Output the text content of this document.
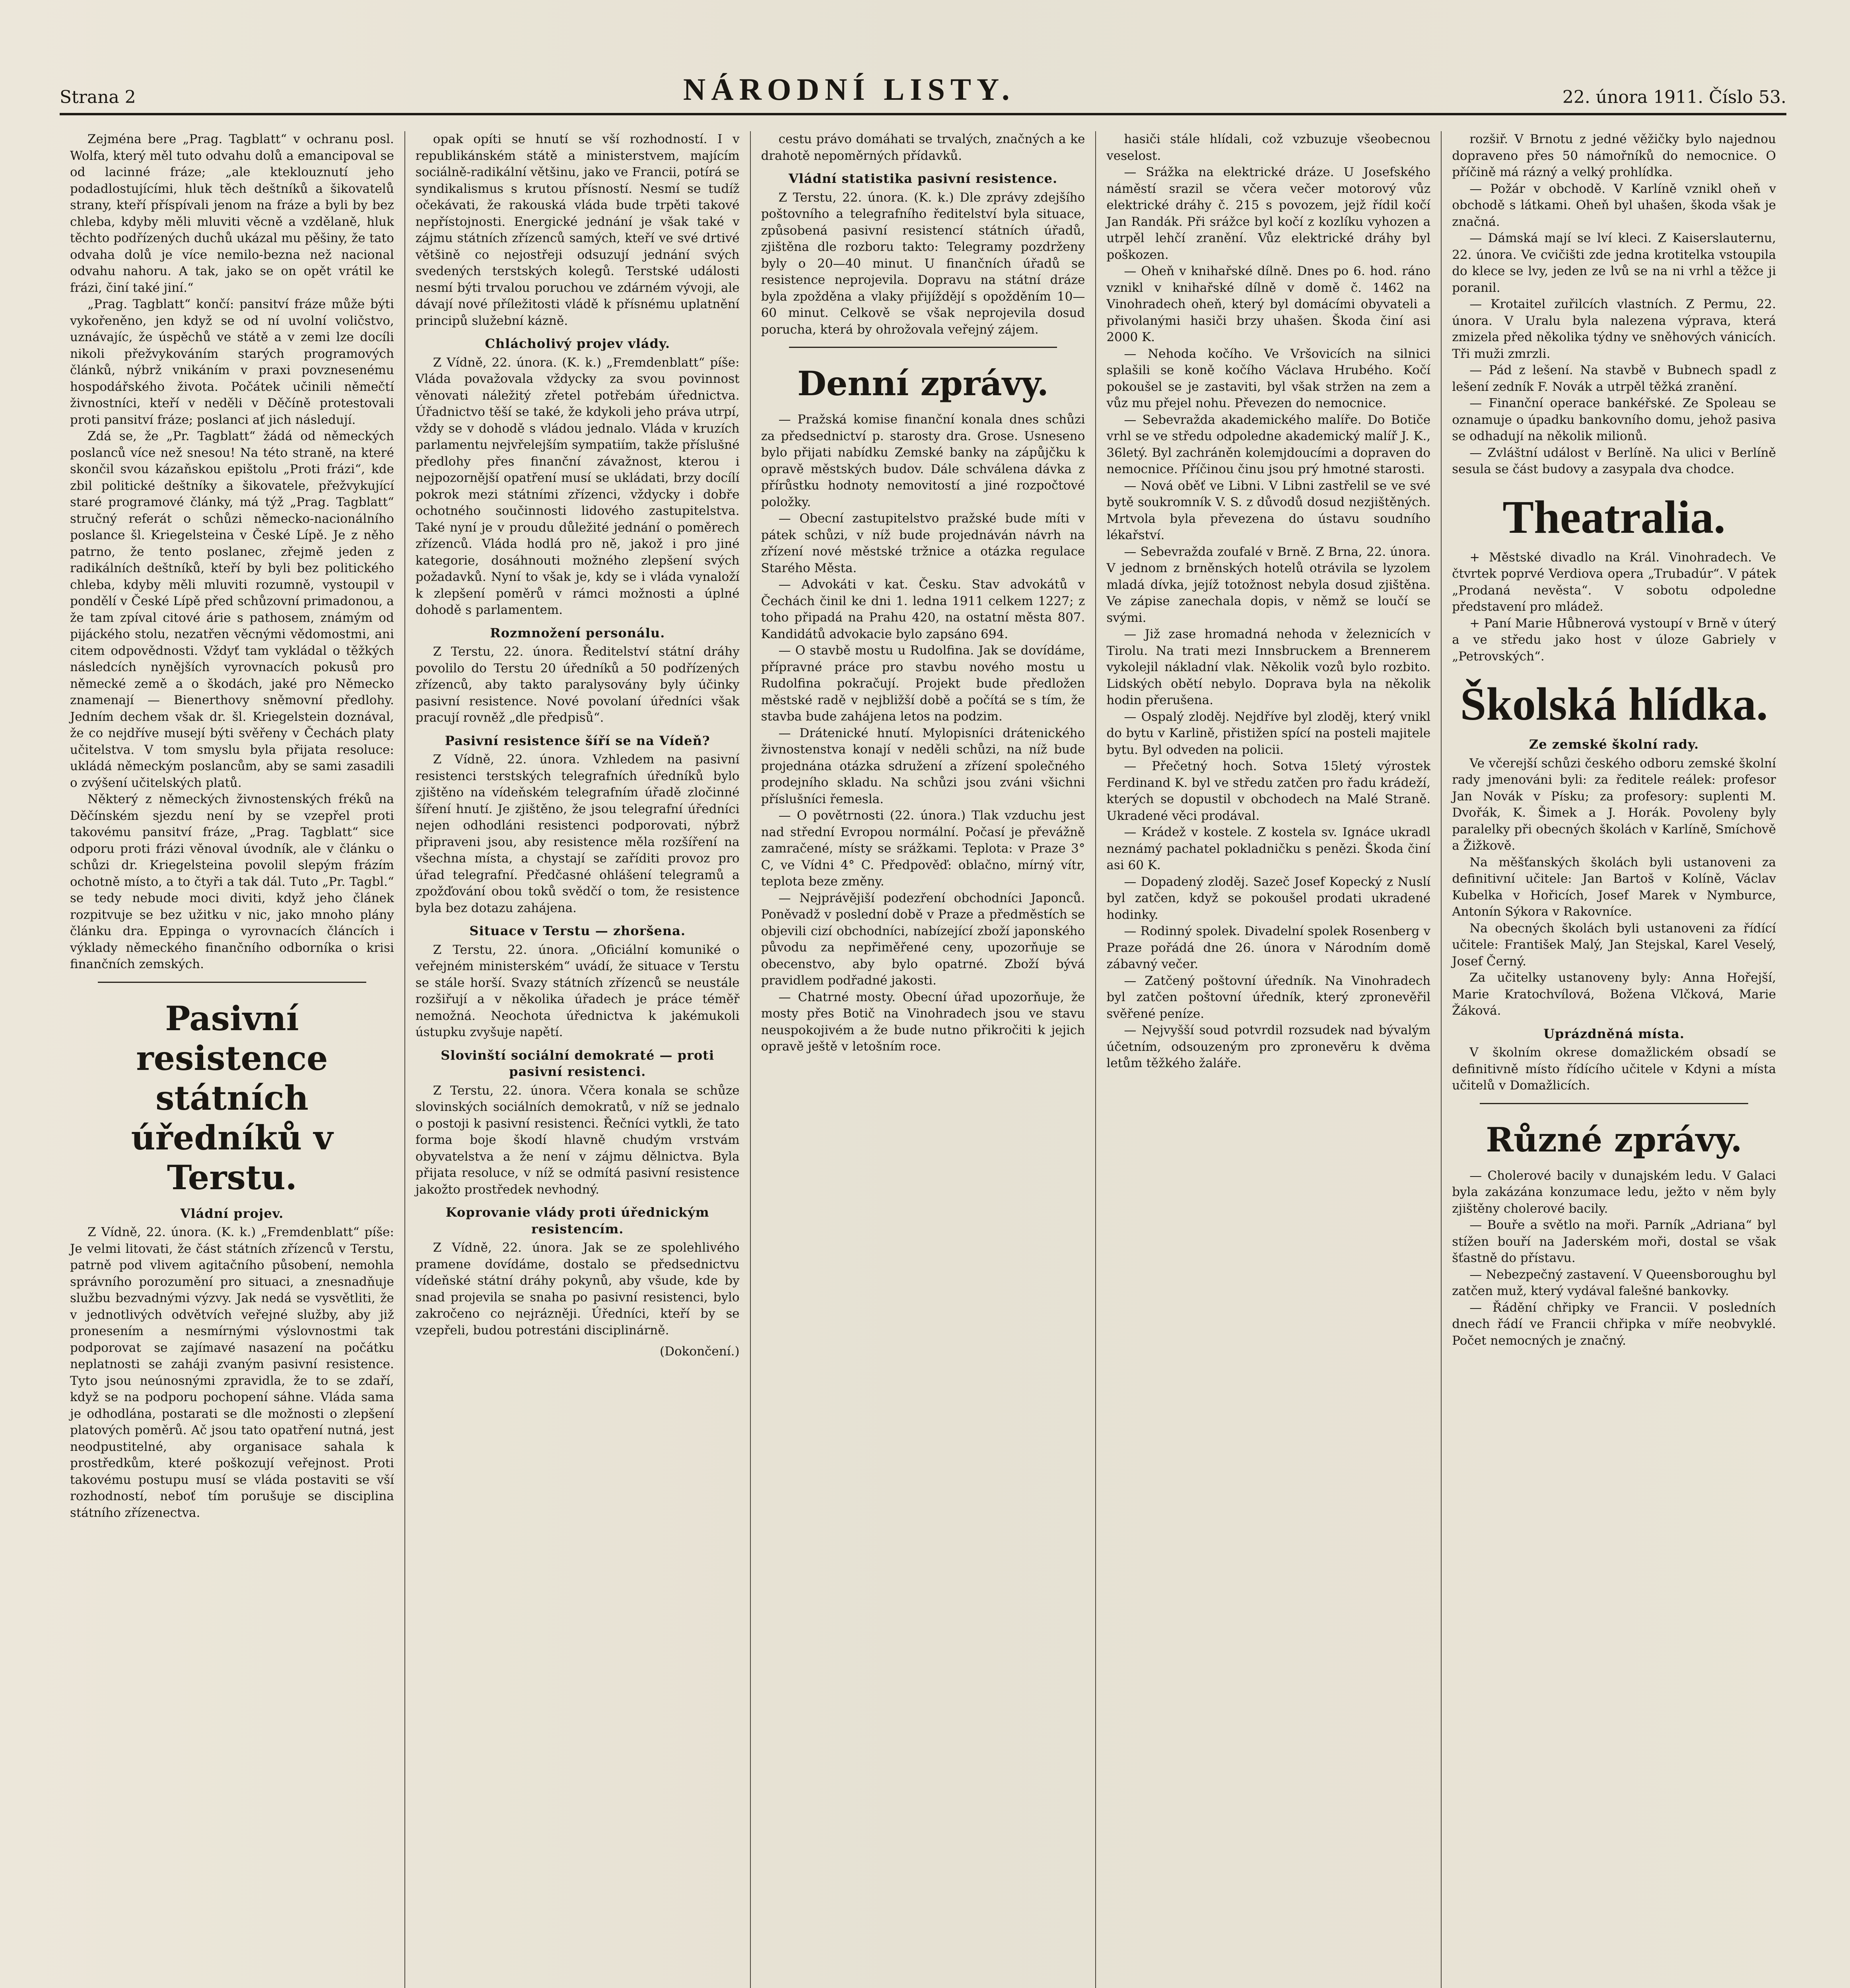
Strana 2	NÁRODNÍ LISTY.	22. února 1911. Číslo 53.

Zejména bere „Prag. Tagblatt“ v ochranu posl. Wolfa, který měl tuto odvahu dolů a emancipoval se od lacinné fráze; „ale kteklouznutí jeho podadlostujícími, hluk těch deštníků a šikovatelů strany, kteří příspívali jenom na fráze a byli by bez chleba, kdyby měli mluviti věcně a vzdělaně, hluk těchto podřízených duchů ukázal mu pěšiny, že tato odvaha dolů je více nemilo-bezna než nacional odvahu nahoru. A tak, jako se on opět vrátil ke frázi, činí také jiní.“

„Prag. Tagblatt“ končí: pansitví fráze může býti vykořeněno, jen když se od ní uvolní voličstvo, uznávajíc, že úspěchů ve státě a v zemi lze docíli nikoli přežvykováním starých programových článků, nýbrž vnikáním v praxi povznesenému hospodářského života. Počátek učinili němečtí živnostníci, kteří v neděli v Děčíně protestovali proti pansitví fráze; poslanci ať jich následují.

Zdá se, že „Pr. Tagblatt“ žádá od německých poslanců více než snesou! Na této straně, na které skončil svou kázaňskou epištolu „Proti frázi“, kde zbil politické deštníky a šikovatele, přežvykující staré programové články, má týž „Prag. Tagblatt“ stručný referát o schůzi německo-nacionálního poslance šl. Kriegelsteina v České Lípě. Je z něho patrno, že tento poslanec, zřejmě jeden z radikálních deštníků, kteří by byli bez politického chleba, kdyby měli mluviti rozumně, vystoupil v pondělí v České Lípě před schůzovní primadonou, a že tam zpíval citové árie s pathosem, známým od pijáckého stolu, nezatřen věcnými vědomostmi, ani citem odpovědnosti. Vždyť tam vykládal o těžkých následcích nynějších vyrovnacích pokusů pro německé země a o škodách, jaké pro Německo znamenají — Bienerthovy sněmovní předlohy. Jedním dechem však dr. šl. Kriegelstein doznával, že co nejdříve musejí býti svěřeny v Čechách platy učitelstva. V tom smyslu byla přijata resoluce: ukládá německým poslancům, aby se sami zasadili o zvýšení učitelských platů.

Některý z německých živnostenských fréků na Děčínském sjezdu není by se vzepřel proti takovému pansitví fráze, „Prag. Tagblatt“ sice odporu proti frázi věnoval úvodník, ale v článku o schůzi dr. Kriegelsteina povolil slepým frázím ochotně místo, a to čtyři a tak dál. Tuto „Pr. Tagbl.“ se tedy nebude moci diviti, když jeho článek rozpitvuje se bez užitku v nic, jako mnoho plány článku dra. Eppinga o vyrovnacích článcích i výklady německého finančního odborníka o krisi finančních zemských.

Pasivní resistence státních úředníků v Terstu.
Vládní projev.

Z Vídně, 22. února. (K. k.) „Fremdenblatt“ píše: Je velmi litovati, že část státních zřízenců v Terstu, patrně pod vlivem agitačního působení, nemohla správního porozumění pro situaci, a znesnadňuje službu bezvadnými výzvy. Jak nedá se vysvětliti, že v jednotlivých odvětvích veřejné služby, aby již pronesením a nesmírnými výslovnostmi tak podporovat se zajímavé nasazení na počátku neplatnosti se zaháji zvaným pasivní resistence. Tyto jsou neúnosnými zpravidla, že to se zdaří, když se na podporu pochopení sáhne. Vláda sama je odhodlána, postarati se dle možnosti o zlepšení platových poměrů. Ač jsou tato opatření nutná, jest neodpustitelné, aby organisace sahala k prostředkům, které poškozují veřejnost. Proti takovému postupu musí se vláda postaviti se vší rozhodností, neboť tím porušuje se disciplina státního zřízenectva.

opak opíti se hnutí se vší rozhodností. I v republikánském státě a ministerstvem, majícím sociálně-radikální většinu, jako ve Francii, potírá se syndikalismus s krutou přísností. Nesmí se tudíž očekávati, že rakouská vláda bude trpěti takové nepřístojnosti. Energické jednání je však také v zájmu státních zřízenců samých, kteří ve své drtivé většině co nejostřeji odsuzují jednání svých svedených terstských kolegů. Terstské události nesmí býti trvalou poruchou ve zdárném vývoji, ale dávají nové příležitosti vládě k přísnému uplatnění principů služební kázně.

Chlácholivý projev vlády.

Z Vídně, 22. února. (K. k.) „Fremdenblatt“ píše: Vláda považovala vždycky za svou povinnost věnovati náležitý zřetel potřebám úřednictva. Úřadnictvo těší se také, že kdykoli jeho práva utrpí, vždy se v dohodě s vládou jednalo. Vláda v kruzích parlamentu nejvřelejším sympatiím, takže příslušné předlohy přes finanční závažnost, kterou i nejpozornější opatření musí se ukládati, brzy docílí pokrok mezi státními zřízenci, vždycky i dobře ochotného součinnosti lidového zastupitelstva. Také nyní je v proudu důležité jednání o poměrech zřízenců. Vláda hodlá pro ně, jakož i pro jiné kategorie, dosáhnouti možného zlepšení svých požadavků. Nyní to však je, kdy se i vláda vynaloží k zlepšení poměrů v rámci možnosti a úplné dohodě s parlamentem.

Rozmnožení personálu.

Z Terstu, 22. února. Ředitelství státní dráhy povolilo do Terstu 20 úředníků a 50 podřízených zřízenců, aby takto paralysovány byly účinky pasivní resistence. Nové povolaní úředníci však pracují rovněž „dle předpisů“.

Pasivní resistence šíří se na Vídeň?

Z Vídně, 22. února. Vzhledem na pasivní resistenci terstských telegrafních úředníků bylo zjištěno na vídeňském telegrafním úřadě zločinné šíření hnutí. Je zjištěno, že jsou telegrafní úředníci nejen odhodláni resistenci podporovati, nýbrž připraveni jsou, aby resistence měla rozšíření na všechna místa, a chystají se zaříditi provoz pro úřad telegrafní. Předčasné ohlášení telegramů a zpožďování obou toků svědčí o tom, že resistence byla bez dotazu zahájena.

Situace v Terstu — zhoršena.

Z Terstu, 22. února. „Oficiální komuniké o veřejném ministerském“ uvádí, že situace v Terstu se stále horší. Svazy státních zřízenců se neustále rozšiřují a v několika úřadech je práce téměř nemožná. Neochota úřednictva k jakémukoli ústupku zvyšuje napětí.

Slovinští sociální demokraté — proti pasivní resistenci.

Z Terstu, 22. února. Včera konala se schůze slovinských sociálních demokratů, v níž se jednalo o postoji k pasivní resistenci. Řečníci vytkli, že tato forma boje škodí hlavně chudým vrstvám obyvatelstva a že není v zájmu dělnictva. Byla přijata resoluce, v níž se odmítá pasivní resistence jakožto prostředek nevhodný.

Koprovanie vlády proti úřednickým resistencím.

Z Vídně, 22. února. Jak se ze spolehlivého pramene dovídáme, dostalo se předsednictvu vídeňské státní dráhy pokynů, aby všude, kde by snad projevila se snaha po pasivní resistenci, bylo zakročeno co nejrázněji. Úředníci, kteří by se vzepřeli, budou potrestáni disciplinárně.

(Dokončení.)

cestu právo domáhati se trvalých, značných a ke drahotě nepoměrných přídavků.

Vládní statistika pasivní resistence.

Z Terstu, 22. února. (K. k.) Dle zprávy zdejšího poštovního a telegrafního ředitelství byla situace, způsobená pasivní resistencí státních úřadů, zjištěna dle rozboru takto: Telegramy pozdrženy byly o 20—40 minut. U finančních úřadů se resistence neprojevila. Dopravu na státní dráze byla zpožděna a vlaky přijíždějí s opožděním 10—60 minut. Celkově se však neprojevila dosud porucha, která by ohrožovala veřejný zájem.

Denní zprávy.

— Pražská komise finanční konala dnes schůzi za předsednictví p. starosty dra. Grose. Usneseno bylo přijati nabídku Zemské banky na zápůjčku k opravě městských budov. Dále schválena dávka z přírůstku hodnoty nemovitostí a jiné rozpočtové položky.

— Obecní zastupitelstvo pražské bude míti v pátek schůzi, v níž bude projednáván návrh na zřízení nové městské tržnice a otázka regulace Starého Města.

— Advokáti v kat. Česku. Stav advokátů v Čechách činil ke dni 1. ledna 1911 celkem 1227; z toho připadá na Prahu 420, na ostatní města 807. Kandidátů advokacie bylo zapsáno 694.

— O stavbě mostu u Rudolfina. Jak se dovídáme, přípravné práce pro stavbu nového mostu u Rudolfina pokračují. Projekt bude předložen městské radě v nejbližší době a počítá se s tím, že stavba bude zahájena letos na podzim.

— Drátenické hnutí. Mylopisníci drátenického živnostenstva konají v neděli schůzi, na níž bude projednána otázka sdružení a zřízení společného prodejního skladu. Na schůzi jsou zváni všichni příslušníci řemesla.

— O povětrnosti (22. února.) Tlak vzduchu jest nad střední Evropou normální. Počasí je převážně zamračené, místy se srážkami. Teplota: v Praze 3° C, ve Vídni 4° C. Předpověď: oblačno, mírný vítr, teplota beze změny.

— Nejprávějiší podezření obchodníci Japonců. Poněvadž v poslední době v Praze a předměstích se objevili cizí obchodníci, nabízející zboží japonského původu za nepřiměřené ceny, upozorňuje se obecenstvo, aby bylo opatrné. Zboží bývá pravidlem podřadné jakosti.

— Chatrné mosty. Obecní úřad upozorňuje, že mosty přes Botič na Vinohradech jsou ve stavu neuspokojivém a že bude nutno přikročiti k jejich opravě ještě v letošním roce.

hasiči stále hlídali, což vzbuzuje všeobecnou veselost.

— Srážka na elektrické dráze. U Josefského náměstí srazil se včera večer motorový vůz elektrické dráhy č. 215 s povozem, jejž řídil kočí Jan Randák. Při srážce byl kočí z kozlíku vyhozen a utrpěl lehčí zranění. Vůz elektrické dráhy byl poškozen.

— Oheň v knihařské dílně. Dnes po 6. hod. ráno vznikl v knihařské dílně v domě č. 1462 na Vinohradech oheň, který byl domácími obyvateli a přivolanými hasiči brzy uhašen. Škoda činí asi 2000 K.

— Nehoda kočího. Ve Vršovicích na silnici splašili se koně kočího Václava Hrubého. Kočí pokoušel se je zastaviti, byl však stržen na zem a vůz mu přejel nohu. Převezen do nemocnice.

— Sebevražda akademického malíře. Do Botiče vrhl se ve středu odpoledne akademický malíř J. K., 36letý. Byl zachráněn kolemjdoucími a dopraven do nemocnice. Příčinou činu jsou prý hmotné starosti.

— Nová oběť ve Libni. V Libni zastřelil se ve své bytě soukromník V. S. z důvodů dosud nezjištěných. Mrtvola byla převezena do ústavu soudního lékařství.

— Sebevražda zoufalé v Brně. Z Brna, 22. února. V jednom z brněnských hotelů otrávila se lyzolem mladá dívka, jejíž totožnost nebyla dosud zjištěna. Ve zápise zanechala dopis, v němž se loučí se svými.

— Již zase hromadná nehoda v železnicích v Tirolu. Na trati mezi Innsbruckem a Brennerem vykolejil nákladní vlak. Několik vozů bylo rozbito. Lidských obětí nebylo. Doprava byla na několik hodin přerušena.

— Ospalý zloděj. Nejdříve byl zloděj, který vnikl do bytu v Karlině, přistižen spící na posteli majitele bytu. Byl odveden na policii.

— Přečetný hoch. Sotva 15letý výrostek Ferdinand K. byl ve středu zatčen pro řadu krádeží, kterých se dopustil v obchodech na Malé Straně. Ukradené věci prodával.

— Krádež v kostele. Z kostela sv. Ignáce ukradl neznámý pachatel pokladničku s penězi. Škoda činí asi 60 K.

— Dopadený zloděj. Sazeč Josef Kopecký z Nuslí byl zatčen, když se pokoušel prodati ukradené hodinky.

— Rodinný spolek. Divadelní spolek Rosenberg v Praze pořádá dne 26. února v Národním domě zábavný večer.

— Zatčený poštovní úředník. Na Vinohradech byl zatčen poštovní úředník, který zpronevěřil svěřené peníze.

— Nejvyšší soud potvrdil rozsudek nad bývalým účetním, odsouzeným pro zpronevěru k dvěma letům těžkého žaláře.

rozšiř. V Brnotu z jedné věžičky bylo najednou dopraveno přes 50 námořníků do nemocnice. O příčině má rázný a velký prohlídka.

— Požár v obchodě. V Karlíně vznikl oheň v obchodě s látkami. Oheň byl uhašen, škoda však je značná.

— Dámská mají se lví kleci. Z Kaiserslauternu, 22. února. Ve cvičišti zde jedna krotitelka vstoupila do klece se lvy, jeden ze lvů se na ni vrhl a těžce ji poranil.

— Krotaitel zuřilcích vlastních. Z Permu, 22. února. V Uralu byla nalezena výprava, která zmizela před několika týdny ve sněhových vánicích. Tři muži zmrzli.

— Pád z lešení. Na stavbě v Bubnech spadl z lešení zedník F. Novák a utrpěl těžká zranění.

— Finanční operace bankéřské. Ze Spoleau se oznamuje o úpadku bankovního domu, jehož pasiva se odhadují na několik milionů.

— Zvláštní událost v Berlíně. Na ulici v Berlíně sesula se část budovy a zasypala dva chodce.

Theatralia.

+ Městské divadlo na Král. Vinohradech. Ve čtvrtek poprvé Verdiova opera „Trubadúr“. V pátek „Prodaná nevěsta“. V sobotu odpoledne představení pro mládež.

+ Paní Marie Hůbnerová vystoupí v Brně v úterý a ve středu jako host v úloze Gabriely v „Petrovských“.

Školská hlídka.
Ze zemské školní rady.

Ve včerejší schůzi českého odboru zemské školní rady jmenováni byli: za ředitele reálek: profesor Jan Novák v Písku; za profesory: suplenti M. Dvořák, K. Šimek a J. Horák. Povoleny byly paralelky při obecných školách v Karlíně, Smíchově a Žižkově.

Na měšťanských školách byli ustanoveni za definitivní učitele: Jan Bartoš v Kolíně, Václav Kubelka v Hořicích, Josef Marek v Nymburce, Antonín Sýkora v Rakovníce.

Na obecných školách byli ustanoveni za řídící učitele: František Malý, Jan Stejskal, Karel Veselý, Josef Černý.

Za učitelky ustanoveny byly: Anna Hořejší, Marie Kratochvílová, Božena Vlčková, Marie Žáková.

Uprázdněná místa.

V školním okrese domažlickém obsadí se definitivně místo řídícího učitele v Kdyni a místa učitelů v Domažlicích.

Různé zprávy.

— Cholerové bacily v dunajském ledu. V Galaci byla zakázána konzumace ledu, ježto v něm byly zjištěny cholerové bacily.

— Bouře a světlo na moři. Parník „Adriana“ byl stížen bouří na Jaderském moři, dostal se však šťastně do přístavu.

— Nebezpečný zastavení. V Queensboroughu byl zatčen muž, který vydával falešné bankovky.

— Řádění chřipky ve Francii. V posledních dnech řádí ve Francii chřipka v míře neobvyklé. Počet nemocných je značný.
